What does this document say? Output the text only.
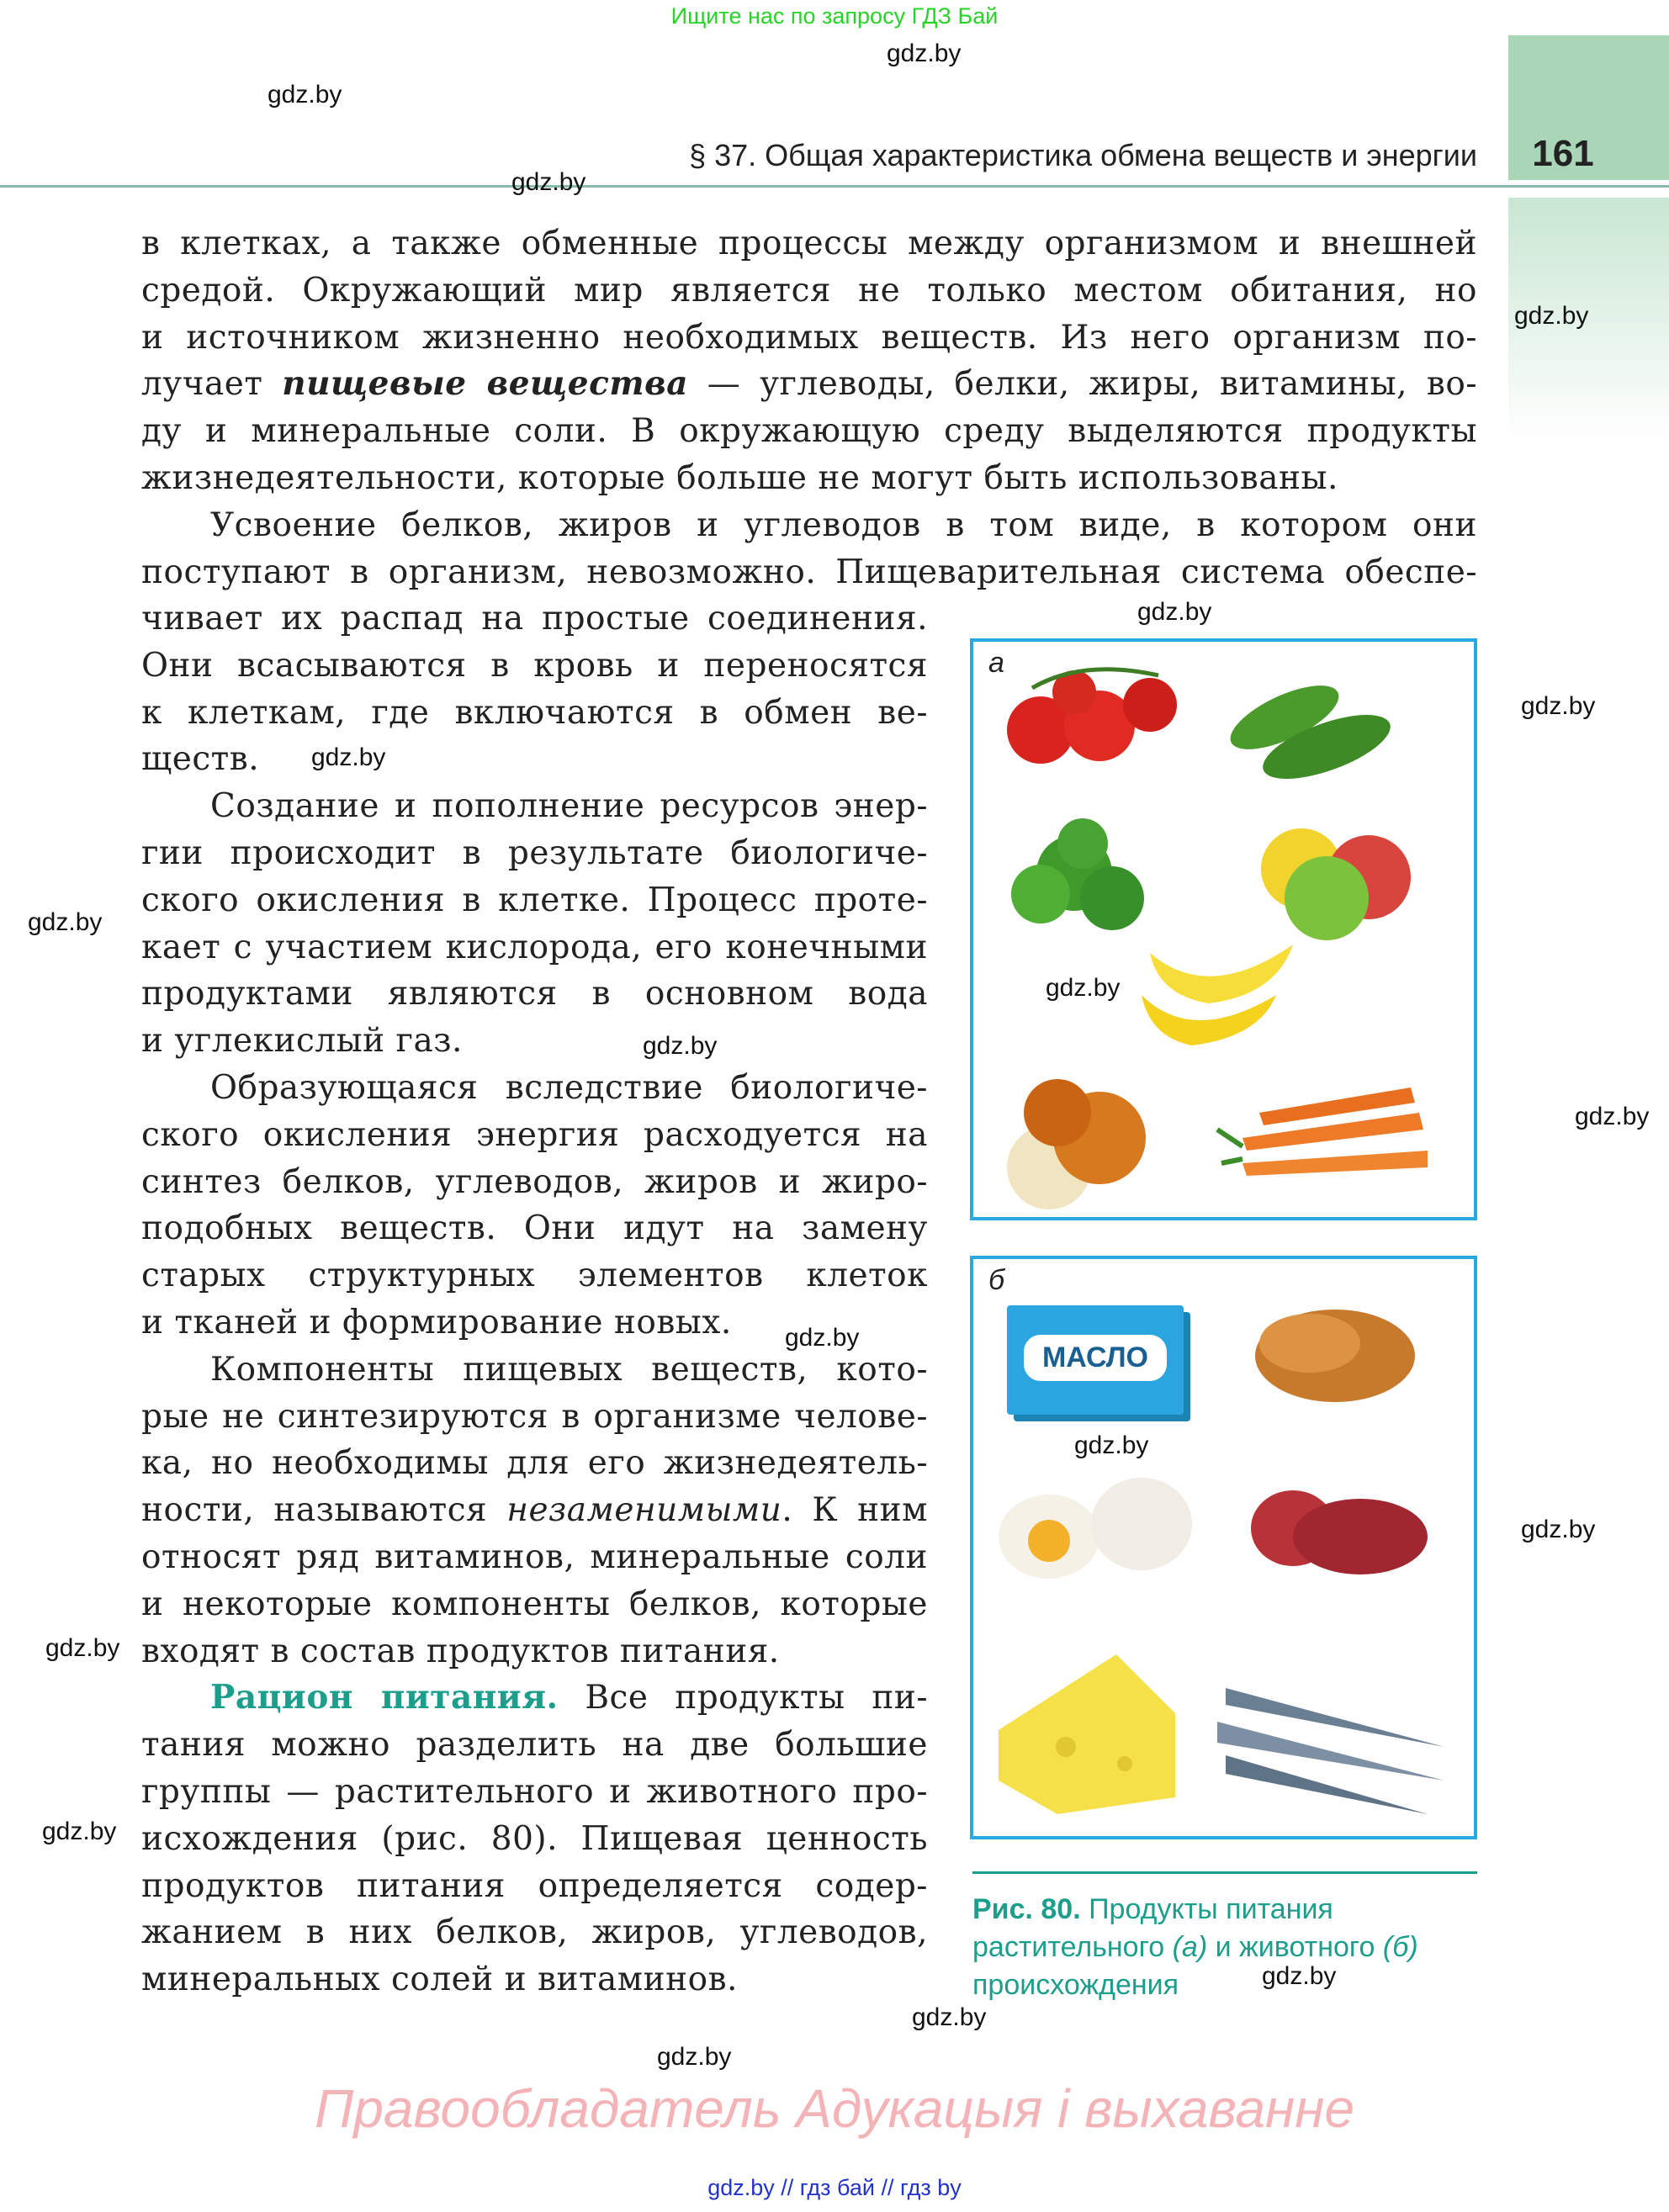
Ищите нас по запросу ГДЗ Бай
§ 37. Общая характеристика обмена веществ и энергии	161
в клетках, а также обменные процессы между организмом и внешней
средой. Окружающий мир является не только местом обитания, но
и источником жизненно необходимых веществ. Из него организм по-
лучает пищевые вещества — углеводы, белки, жиры, витамины, во-
ду и минеральные соли. В окружающую среду выделяются продукты
жизнедеятельности, которые больше не могут быть использованы.
Усвоение белков, жиров и углеводов в том виде, в котором они
поступают в организм, невозможно. Пищеварительная система обеспе-
чивает их распад на простые соединения.
Они всасываются в кровь и переносятся
к клеткам, где включаются в обмен ве-
ществ.
Создание и пополнение ресурсов энер-
гии происходит в результате биологиче-
ского окисления в клетке. Процесс проте-
кает с участием кислорода, его конечными
продуктами являются в основном вода
и углекислый газ.
Образующаяся вследствие биологиче-
ского окисления энергия расходуется на
синтез белков, углеводов, жиров и жиро-
подобных веществ. Они идут на замену
старых структурных элементов клеток
и тканей и формирование новых.
Компоненты пищевых веществ, кото-
рые не синтезируются в организме челове-
ка, но необходимы для его жизнедеятель-
ности, называются незаменимыми. К ним
относят ряд витаминов, минеральные соли
и некоторые компоненты белков, которые
входят в состав продуктов питания.
Рацион питания. Все продукты пи-
тания можно разделить на две большие
группы — растительного и животного про-
исхождения (рис. 80). Пищевая ценность
продуктов питания определяется содер-
жанием в них белков, жиров, углеводов,
минеральных солей и витаминов.
а
б
МАСЛО
Рис. 80. Продукты питания
растительного (а) и животного (б)
происхождения
Правообладатель Адукацыя і выхаванне
gdz.by // гдз бай // гдз by
gdz.by
gdz.by
gdz.by
gdz.by
gdz.by
gdz.by
gdz.by
gdz.by
gdz.by
gdz.by
gdz.by
gdz.by
gdz.by
gdz.by
gdz.by
gdz.by
gdz.by
gdz.by
gdz.by
